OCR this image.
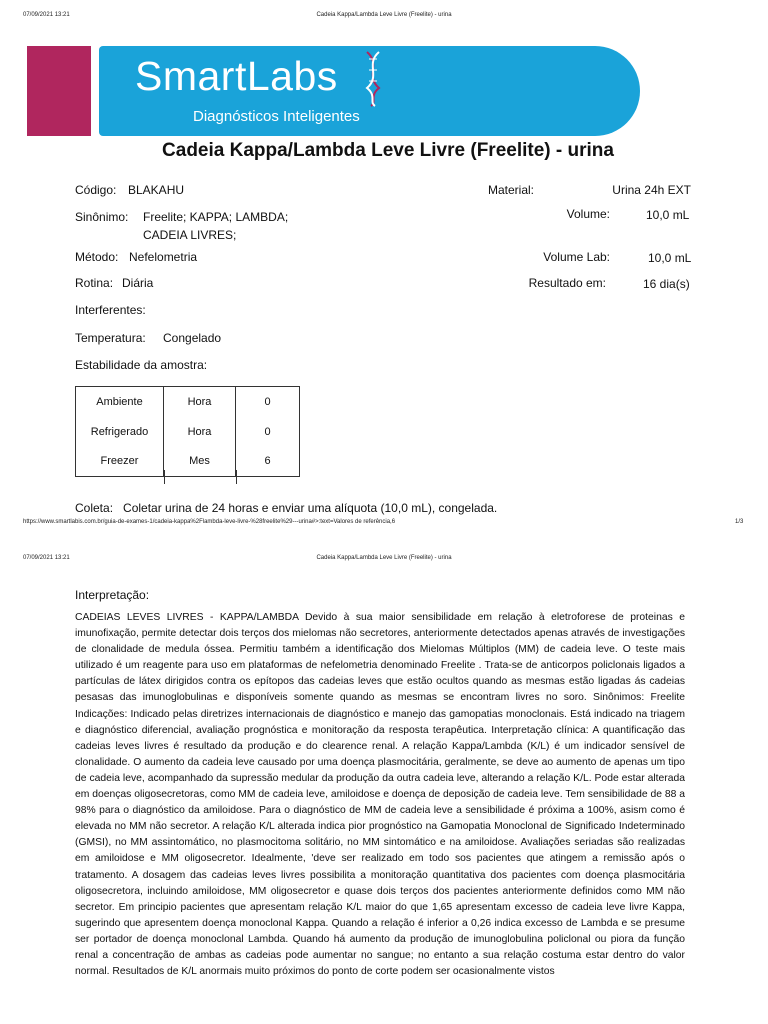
07/09/2021 13:21	Cadeia Kappa/Lambda Leve Livre (Freelite) - urina
SmartLabs
Diagnósticos Inteligentes
Cadeia Kappa/Lambda Leve Livre (Freelite) - urina
Código: BLAKAHU
Sinônimo: Freelite; KAPPA; LAMBDA;
CADEIA LIVRES;
Método: Nefelometria
Rotina: Diária
Interferentes:
Temperatura: Congelado
Estabilidade da amostra:
Material:	Urina 24h EXT
Volume:	10,0 mL
Volume Lab:	10,0 mL
Resultado em:	16 dia(s)
Ambiente	Hora	0
Refrigerado	Hora	0
Freezer	Mes	6
Coleta:   Coletar urina de 24 horas e enviar uma alíquota (10,0 mL), congelada.
https://www.smartlabis.com.br/guia-de-exames-1/cadeia-kappa%2Flambda-leve-livre-%28freelite%29---urina#>:text=Valores de referência,6	1/3
07/09/2021 13:21	Cadeia Kappa/Lambda Leve Livre (Freelite) - urina
Interpretação:
CADEIAS LEVES LIVRES - KAPPA/LAMBDA Devido à sua maior sensibilidade em relação à eletroforese de proteinas e imunofixação, permite detectar dois terços dos mielomas não secretores, anteriormente detectados apenas através de investigações de clonalidade de medula óssea. Permitiu também a identificação dos Mielomas Múltiplos (MM) de cadeia leve. O teste mais utilizado é um reagente para uso em plataformas de nefelometria denominado Freelite . Trata-se de anticorpos policlonais ligados a partículas de látex dirigidos contra os epítopos das cadeias leves que estão ocultos quando as mesmas estão ligadas ás cadeias pesasas das imunoglobulinas e disponíveis somente quando as mesmas se encontram livres no soro. Sinônimos: Freelite Indicações: Indicado pelas diretrizes internacionais de diagnóstico e manejo das gamopatias monoclonais. Está indicado na triagem e diagnóstico diferencial, avaliação prognóstica e monitoração da resposta terapêutica. Interpretação clínica: A quantificação das cadeias leves livres é resultado da produção e do clearence renal. A relação Kappa/Lambda (K/L) é um indicador sensível de clonalidade. O aumento da cadeia leve causado por uma doença plasmocitária, geralmente, se deve ao aumento de apenas um tipo de cadeia leve, acompanhado da supressão medular da produção da outra cadeia leve, alterando a relação K/L. Pode estar alterada em doenças oligosecretoras, como MM de cadeia leve, amiloidose e doença de deposição de cadeia leve. Tem sensibilidade de 88 a 98% para o diagnóstico da amiloidose. Para o diagnóstico de MM de cadeia leve a sensibilidade é próxima a 100%, asism como é elevada no MM não secretor. A relação K/L alterada indica pior prognóstico na Gamopatia Monoclonal de Significado Indeterminado (GMSI), no MM assintomático, no plasmocitoma solitário, no MM sintomático e na amiloidose. Avaliações seriadas são realizadas em amiloidose e MM oligosecretor. Idealmente, 'deve ser realizado em todo sos pacientes que atingem a remissão após o tratamento. A dosagem das cadeias leves livres possibilita a monitoração quantitativa dos pacientes com doença plasmocitária oligosecretora, incluindo amiloidose, MM oligosecretor e quase dois terços dos pacientes anteriormente definidos como MM não secretor. Em principio pacientes que apresentam relação K/L maior do que 1,65 apresentam excesso de cadeia leve livre Kappa, sugerindo que apresentem doença monoclonal Kappa. Quando a relação é inferior a 0,26 indica excesso de Lambda e se presume ser portador de doença monoclonal Lambda. Quando há aumento da produção de imunoglobulina policlonal ou piora da função renal a concentração de ambas as cadeias pode aumentar no sangue; no entanto a sua relação costuma estar dentro do valor normal. Resultados de K/L anormais muito próximos do ponto de corte podem ser ocasionalmente vistos
